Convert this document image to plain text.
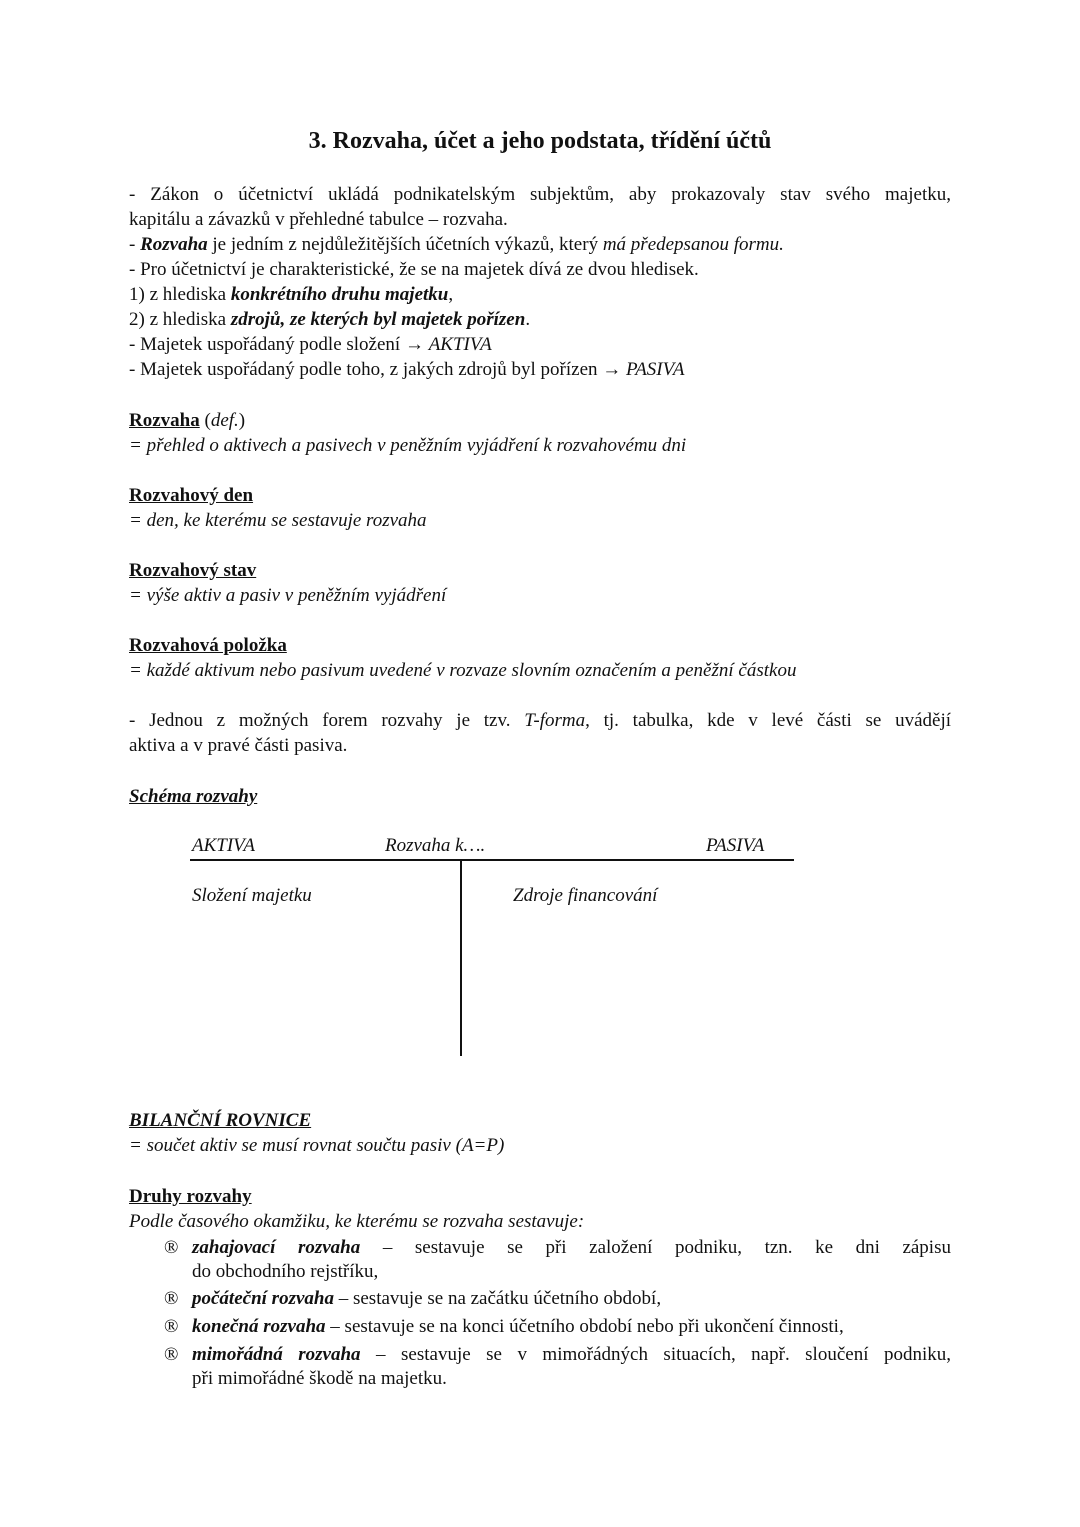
3. Rozvaha, účet a jeho podstata, třídění účtů
- Zákon o účetnictví ukládá podnikatelským subjektům, aby prokazovaly stav svého majetku,
kapitálu a závazků v přehledné tabulce – rozvaha.
- Rozvaha je jedním z nejdůležitějších účetních výkazů, který má předepsanou formu.
- Pro účetnictví je charakteristické, že se na majetek dívá ze dvou hledisek.
1) z hlediska konkrétního druhu majetku,
2) z hlediska zdrojů, ze kterých byl majetek pořízen.
- Majetek uspořádaný podle složení → AKTIVA
- Majetek uspořádaný podle toho, z jakých zdrojů byl pořízen → PASIVA
Rozvaha (def.)
= přehled o aktivech a pasivech v peněžním vyjádření k rozvahovému dni
Rozvahový den
= den, ke kterému se sestavuje rozvaha
Rozvahový stav
= výše aktiv a pasiv v peněžním vyjádření
Rozvahová položka
= každé aktivum nebo pasivum uvedené v rozvaze slovním označením a peněžní částkou
- Jednou z možných forem rozvahy je tzv. T-forma, tj. tabulka, kde v levé části se uvádějí
aktiva a v pravé části pasiva.
Schéma rozvahy
AKTIVA	Rozvaha k….	PASIVA
Složení majetku	Zdroje financování
BILANČNÍ ROVNICE
= součet aktiv se musí rovnat součtu pasiv (A=P)
Druhy rozvahy
Podle časového okamžiku, ke kterému se rozvaha sestavuje:
® zahajovací rozvaha – sestavuje se při založení podniku, tzn. ke dni zápisu
do obchodního rejstříku,
® počáteční rozvaha – sestavuje se na začátku účetního období,
® konečná rozvaha – sestavuje se na konci účetního období nebo při ukončení činnosti,
® mimořádná rozvaha – sestavuje se v mimořádných situacích, např. sloučení podniku,
při mimořádné škodě na majetku.
